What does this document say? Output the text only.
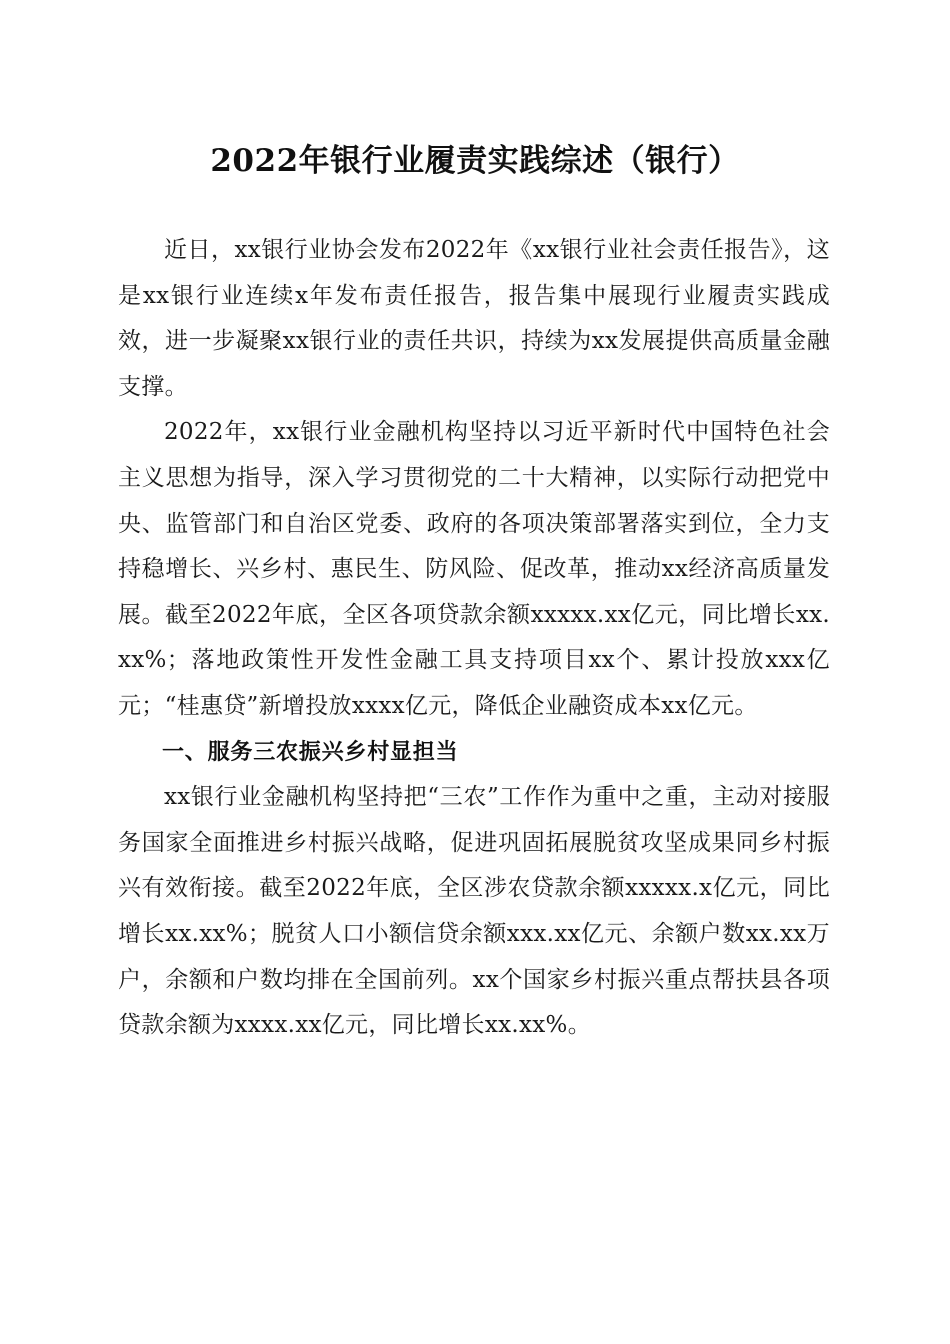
2022年银行业履责实践综述（银行）

近日，xx银行业协会发布2022年《xx银行业社会责任报告》，这是xx银行业连续x年发布责任报告，报告集中展现行业履责实践成效，进一步凝聚xx银行业的责任共识，持续为xx发展提供高质量金融支撑。

2022年，xx银行业金融机构坚持以习近平新时代中国特色社会主义思想为指导，深入学习贯彻党的二十大精神，以实际行动把党中央、监管部门和自治区党委、政府的各项决策部署落实到位，全力支持稳增长、兴乡村、惠民生、防风险、促改革，推动xx经济高质量发展。截至2022年底，全区各项贷款余额xxxxx.xx亿元，同比增长xx.xx%；落地政策性开发性金融工具支持项目xx个、累计投放xxx亿元；“桂惠贷”新增投放xxxx亿元，降低企业融资成本xx亿元。

一、服务三农振兴乡村显担当

xx银行业金融机构坚持把“三农”工作作为重中之重，主动对接服务国家全面推进乡村振兴战略，促进巩固拓展脱贫攻坚成果同乡村振兴有效衔接。截至2022年底，全区涉农贷款余额xxxxx.x亿元，同比增长xx.xx%；脱贫人口小额信贷余额xxx.xx亿元、余额户数xx.xx万户，余额和户数均排在全国前列。xx个国家乡村振兴重点帮扶县各项贷款余额为xxxx.xx亿元，同比增长xx.xx%。
